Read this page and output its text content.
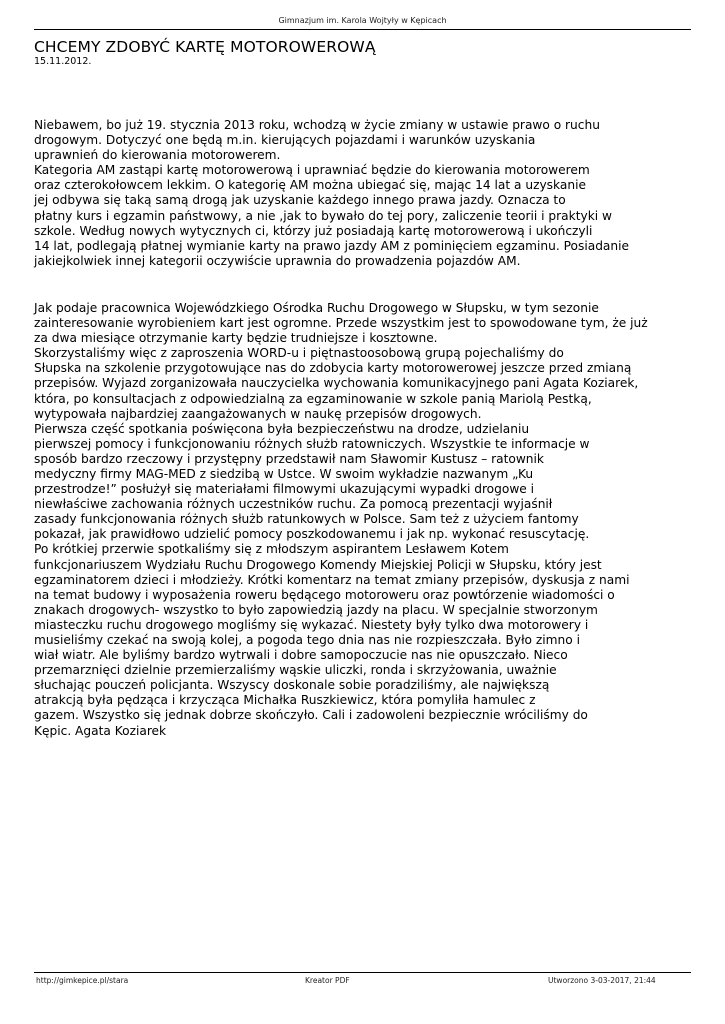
Gimnazjum im. Karola Wojtyły w Kępicach
CHCEMY ZDOBYĆ KARTĘ MOTOROWEROWĄ
15.11.2012.

Niebawem, bo już 19. stycznia 2013 roku, wchodzą w życie zmiany w ustawie prawo o ruchu
drogowym. Dotyczyć one będą m.in. kierujących pojazdami i warunków uzyskania
uprawnień do kierowania motorowerem.
Kategoria AM zastąpi kartę motorowerową i uprawniać będzie do kierowania motorowerem
oraz czterokołowcem lekkim. O kategorię AM można ubiegać się, mając 14 lat a uzyskanie
jej odbywa się taką samą drogą jak uzyskanie każdego innego prawa jazdy. Oznacza to
płatny kurs i egzamin państwowy, a nie ,jak to bywało do tej pory, zaliczenie teorii i praktyki w
szkole. Według nowych wytycznych ci, którzy już posiadają kartę motorowerową i ukończyli
14 lat, podlegają płatnej wymianie karty na prawo jazdy AM z pominięciem egzaminu. Posiadanie
jakiejkolwiek innej kategorii oczywiście uprawnia do prowadzenia pojazdów AM.

Jak podaje pracownica Wojewódzkiego Ośrodka Ruchu Drogowego w Słupsku, w tym sezonie
zainteresowanie wyrobieniem kart jest ogromne. Przede wszystkim jest to spowodowane tym, że już
za dwa miesiące otrzymanie karty będzie trudniejsze i kosztowne.
Skorzystaliśmy więc z zaproszenia WORD-u i piętnastoosobową grupą pojechaliśmy do
Słupska na szkolenie przygotowujące nas do zdobycia karty motorowerowej jeszcze przed zmianą
przepisów. Wyjazd zorganizowała nauczycielka wychowania komunikacyjnego pani Agata Koziarek,
która, po konsultacjach z odpowiedzialną za egzaminowanie w szkole panią Mariolą Pestką,
wytypowała najbardziej zaangażowanych w naukę przepisów drogowych.
Pierwsza część spotkania poświęcona była bezpieczeństwu na drodze, udzielaniu
pierwszej pomocy i funkcjonowaniu różnych służb ratowniczych. Wszystkie te informacje w
sposób bardzo rzeczowy i przystępny przedstawił nam Sławomir Kustusz – ratownik
medyczny firmy MAG-MED z siedzibą w Ustce. W swoim wykładzie nazwanym „Ku
przestrodze!” posłużył się materiałami filmowymi ukazującymi wypadki drogowe i
niewłaściwe zachowania różnych uczestników ruchu. Za pomocą prezentacji wyjaśnił
zasady funkcjonowania różnych służb ratunkowych w Polsce. Sam też z użyciem fantomy
pokazał, jak prawidłowo udzielić pomocy poszkodowanemu i jak np. wykonać resuscytację.
Po krótkiej przerwie spotkaliśmy się z młodszym aspirantem Lesławem Kotem
funkcjonariuszem Wydziału Ruchu Drogowego Komendy Miejskiej Policji w Słupsku, który jest
egzaminatorem dzieci i młodzieży. Krótki komentarz na temat zmiany przepisów, dyskusja z nami
na temat budowy i wyposażenia roweru będącego motoroweru oraz powtórzenie wiadomości o
znakach drogowych- wszystko to było zapowiedzią jazdy na placu. W specjalnie stworzonym
miasteczku ruchu drogowego mogliśmy się wykazać. Niestety były tylko dwa motorowery i
musieliśmy czekać na swoją kolej, a pogoda tego dnia nas nie rozpieszczała. Było zimno i
wiał wiatr. Ale byliśmy bardzo wytrwali i dobre samopoczucie nas nie opuszczało. Nieco
przemarznięci dzielnie przemierzaliśmy wąskie uliczki, ronda i skrzyżowania, uważnie
słuchając pouczeń policjanta. Wszyscy doskonale sobie poradziliśmy, ale największą
atrakcją była pędząca i krzycząca Michałka Ruszkiewicz, która pomyliła hamulec z
gazem. Wszystko się jednak dobrze skończyło. Cali i zadowoleni bezpiecznie wróciliśmy do
Kępic. Agata Koziarek

http://gimkepice.pl/stara	Kreator PDF	Utworzono 3-03-2017, 21:44
